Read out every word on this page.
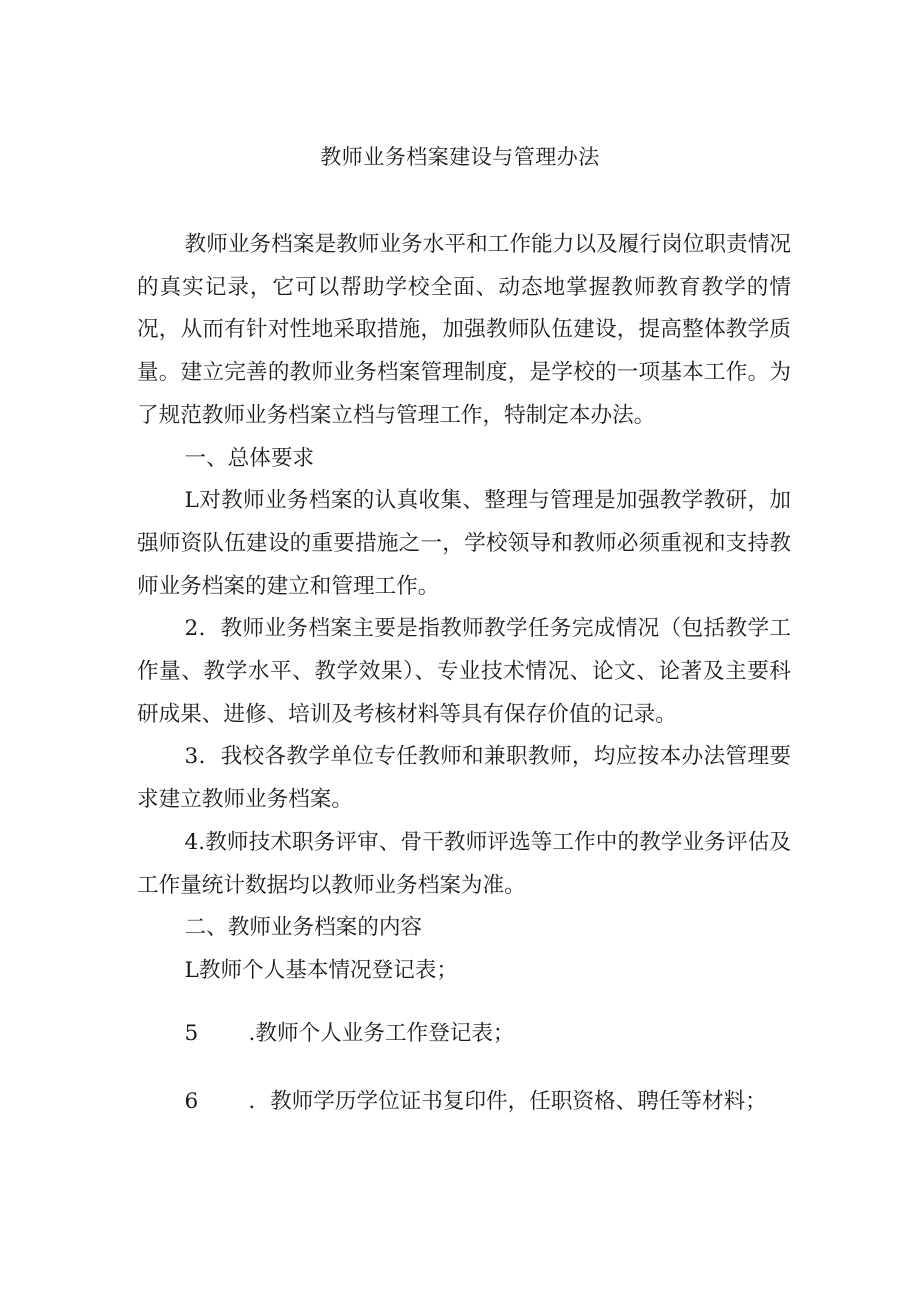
教师业务档案建设与管理办法

教师业务档案是教师业务水平和工作能力以及履行岗位职责情况的真实记录，它可以帮助学校全面、动态地掌握教师教育教学的情况，从而有针对性地采取措施，加强教师队伍建设，提高整体教学质量。建立完善的教师业务档案管理制度，是学校的一项基本工作。为了规范教师业务档案立档与管理工作，特制定本办法。

一、总体要求

L对教师业务档案的认真收集、整理与管理是加强教学教研，加强师资队伍建设的重要措施之一，学校领导和教师必须重视和支持教师业务档案的建立和管理工作。

2．教师业务档案主要是指教师教学任务完成情况（包括教学工作量、教学水平、教学效果）、专业技术情况、论文、论著及主要科研成果、进修、培训及考核材料等具有保存价值的记录。

3．我校各教学单位专任教师和兼职教师，均应按本办法管理要求建立教师业务档案。

4.教师技术职务评审、骨干教师评选等工作中的教学业务评估及工作量统计数据均以教师业务档案为准。

二、教师业务档案的内容

L教师个人基本情况登记表；

5 .教师个人业务工作登记表；

6 ．教师学历学位证书复印件，任职资格、聘任等材料；
